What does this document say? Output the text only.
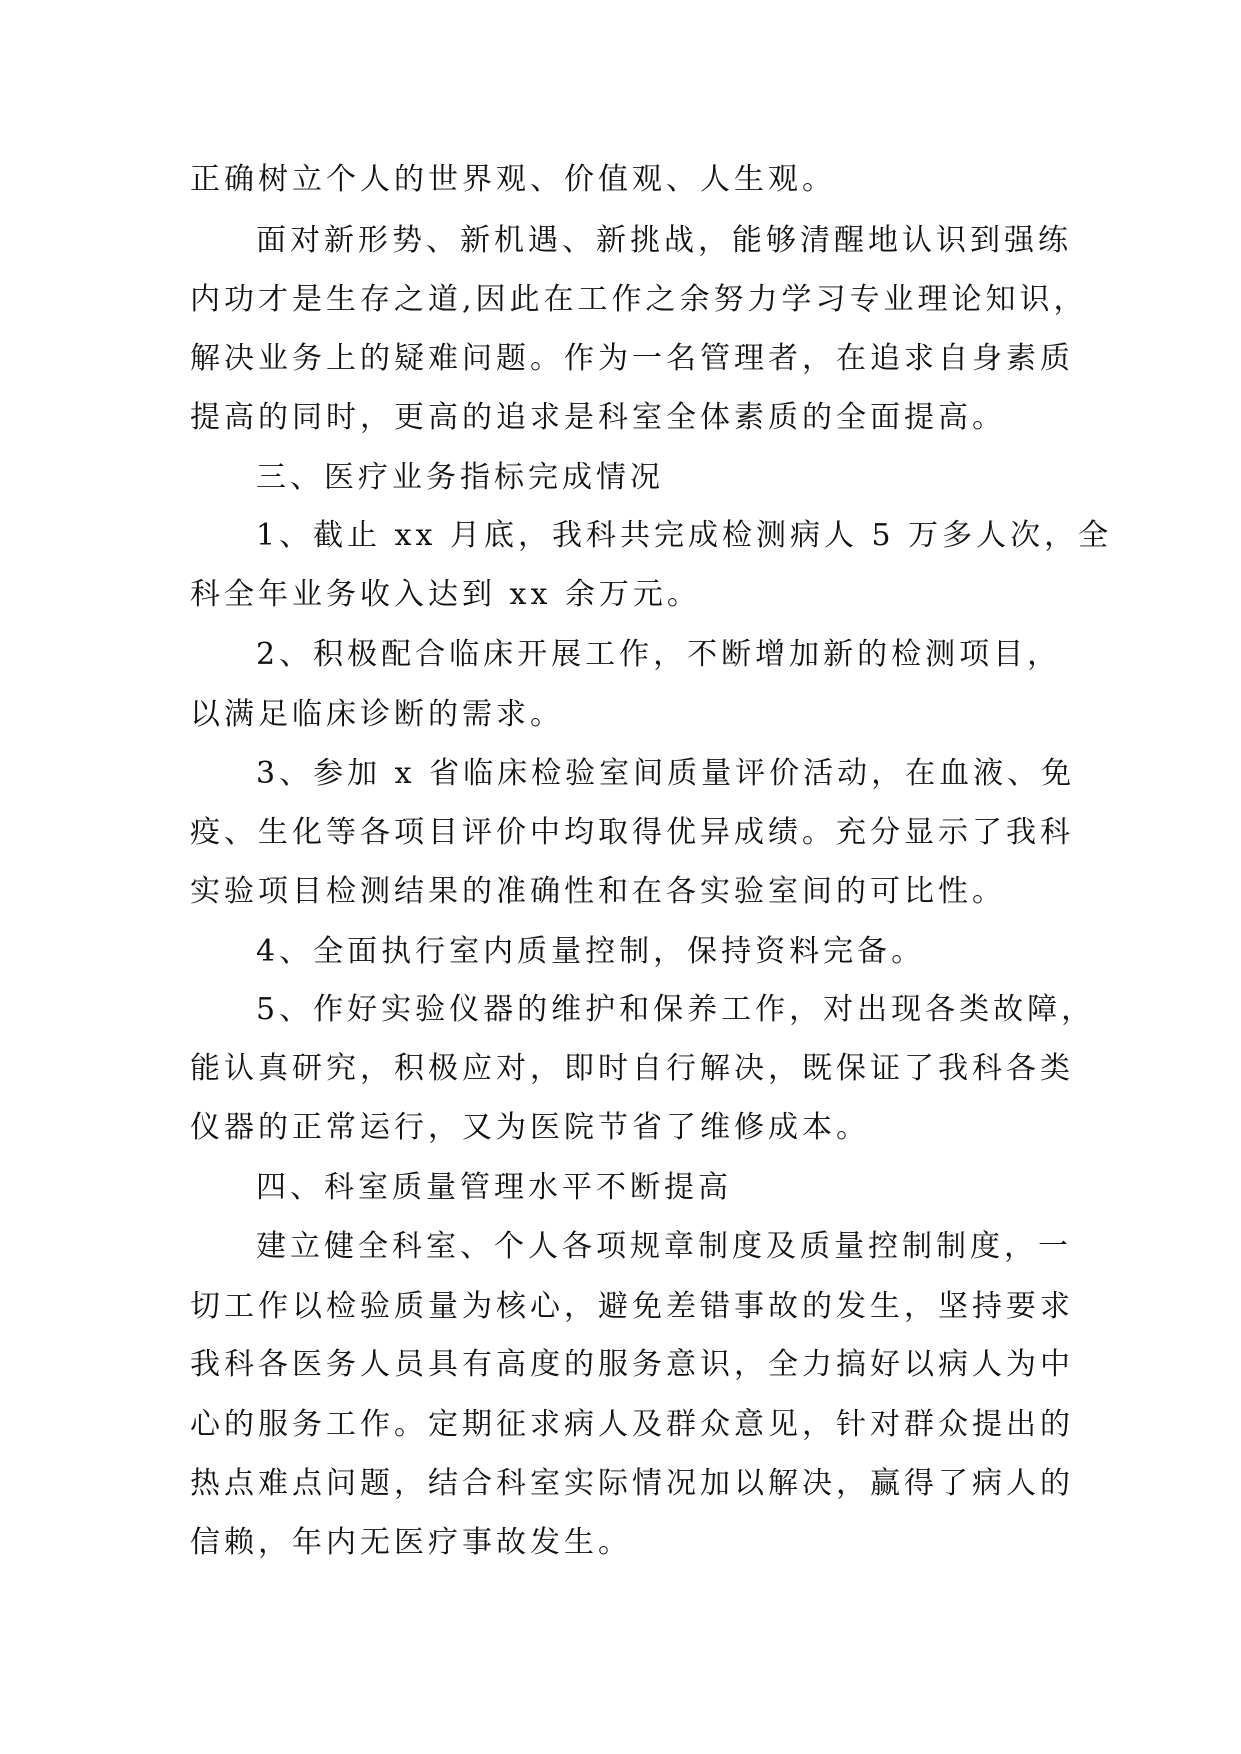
正确树立个人的世界观、价值观、人生观。
面对新形势、新机遇、新挑战，能够清醒地认识到强练
内功才是生存之道,因此在工作之余努力学习专业理论知识，
解决业务上的疑难问题。作为一名管理者，在追求自身素质
提高的同时，更高的追求是科室全体素质的全面提高。
三、医疗业务指标完成情况
1、截止 xx 月底，我科共完成检测病人 5 万多人次，全
科全年业务收入达到 xx 余万元。
2、积极配合临床开展工作，不断增加新的检测项目，
以满足临床诊断的需求。
3、参加 x 省临床检验室间质量评价活动，在血液、免
疫、生化等各项目评价中均取得优异成绩。充分显示了我科
实验项目检测结果的准确性和在各实验室间的可比性。
4、全面执行室内质量控制，保持资料完备。
5、作好实验仪器的维护和保养工作，对出现各类故障，
能认真研究，积极应对，即时自行解决，既保证了我科各类
仪器的正常运行，又为医院节省了维修成本。
四、科室质量管理水平不断提高
建立健全科室、个人各项规章制度及质量控制制度，一
切工作以检验质量为核心，避免差错事故的发生，坚持要求
我科各医务人员具有高度的服务意识，全力搞好以病人为中
心的服务工作。定期征求病人及群众意见，针对群众提出的
热点难点问题，结合科室实际情况加以解决，赢得了病人的
信赖，年内无医疗事故发生。
